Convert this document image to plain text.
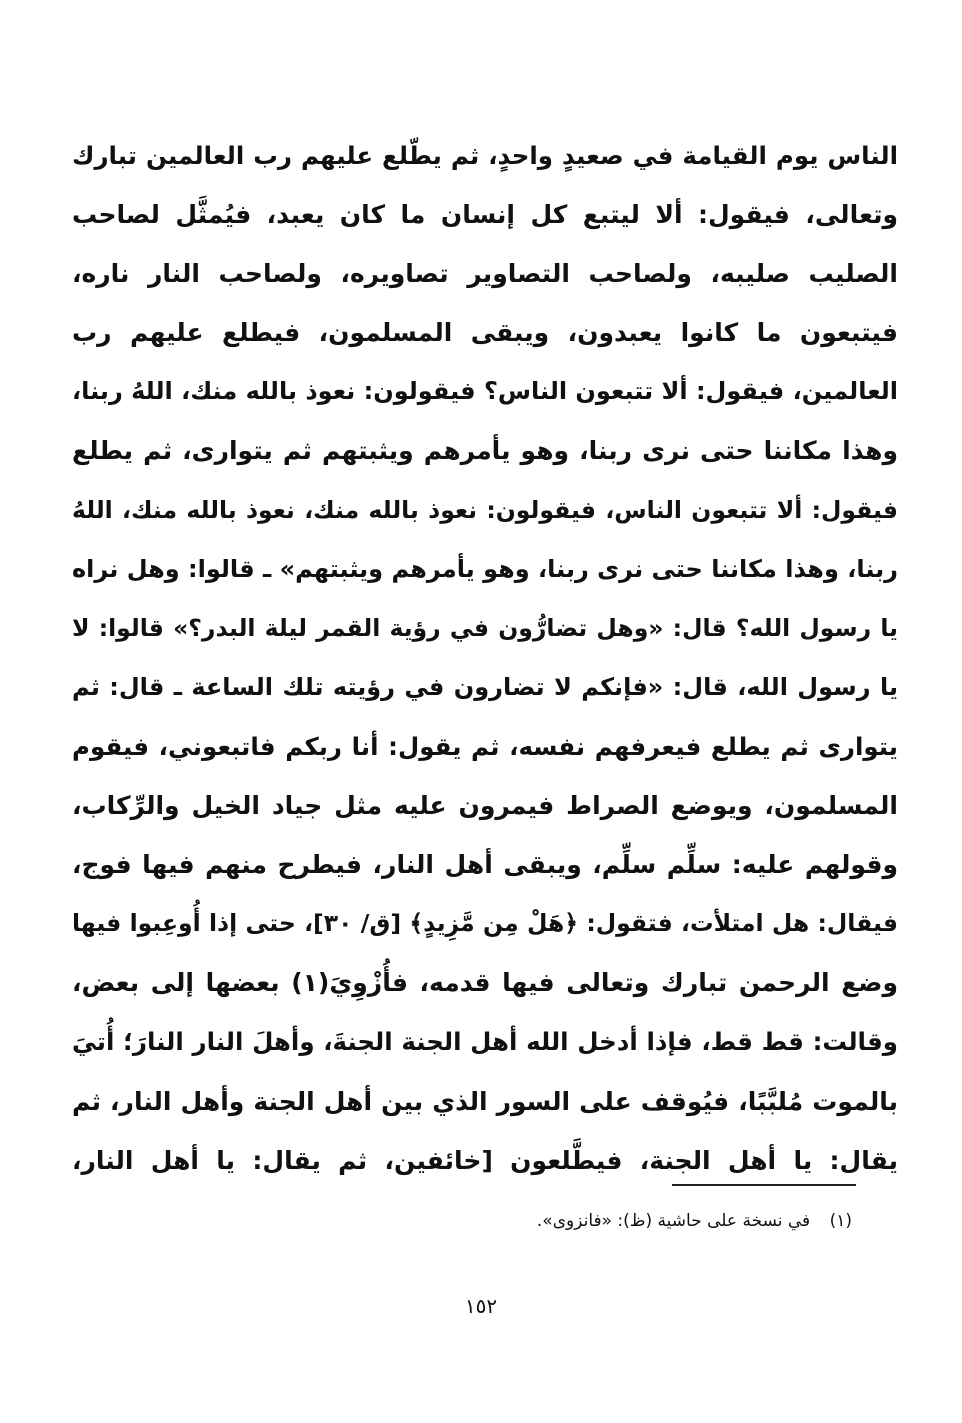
الناس يوم القيامة في صعيدٍ واحدٍ، ثم يطّلع عليهم رب العالمين تبارك
وتعالى، فيقول: ألا ليتبع كل إنسان ما كان يعبد، فيُمثَّل لصاحب
الصليب صليبه، ولصاحب التصاوير تصاويره، ولصاحب النار ناره،
فيتبعون ما كانوا يعبدون، ويبقى المسلمون، فيطلع عليهم رب
العالمين، فيقول: ألا تتبعون الناس؟ فيقولون: نعوذ بالله منك، اللهُ ربنا،
وهذا مكاننا حتى نرى ربنا، وهو يأمرهم ويثبتهم ثم يتوارى، ثم يطلع
فيقول: ألا تتبعون الناس، فيقولون: نعوذ بالله منك، نعوذ بالله منك، اللهُ
ربنا، وهذا مكاننا حتى نرى ربنا، وهو يأمرهم ويثبتهم» ـ قالوا: وهل نراه
يا رسول الله؟ قال: «وهل تضارُّون في رؤية القمر ليلة البدر؟» قالوا: لا
يا رسول الله، قال: «فإنكم لا تضارون في رؤيته تلك الساعة ـ قال: ثم
يتوارى ثم يطلع فيعرفهم نفسه، ثم يقول: أنا ربكم فاتبعوني، فيقوم
المسلمون، ويوضع الصراط فيمرون عليه مثل جياد الخيل والرِّكاب،
وقولهم عليه: سلِّم سلِّم، ويبقى أهل النار، فيطرح منهم فيها فوج،
فيقال: هل امتلأت، فتقول: ﴿هَلْ مِن مَّزِيدٍ﴾ [ق/ ٣٠]، حتى إذا أُوعِبوا فيها
وضع الرحمن تبارك وتعالى فيها قدمه، فأُزْوِيَ(١) بعضها إلى بعض،
وقالت: قط قط، فإذا أدخل الله أهل الجنة الجنةَ، وأهلَ النار النارَ؛ أُتيَ
بالموت مُلبَّبًا، فيُوقف على السور الذي بين أهل الجنة وأهل النار، ثم
يقال: يا أهل الجنة، فيطَّلعون [خائفين، ثم يقال: يا أهل النار،
(١) في نسخة على حاشية (ظ): «فانزوى».
١٥٢
